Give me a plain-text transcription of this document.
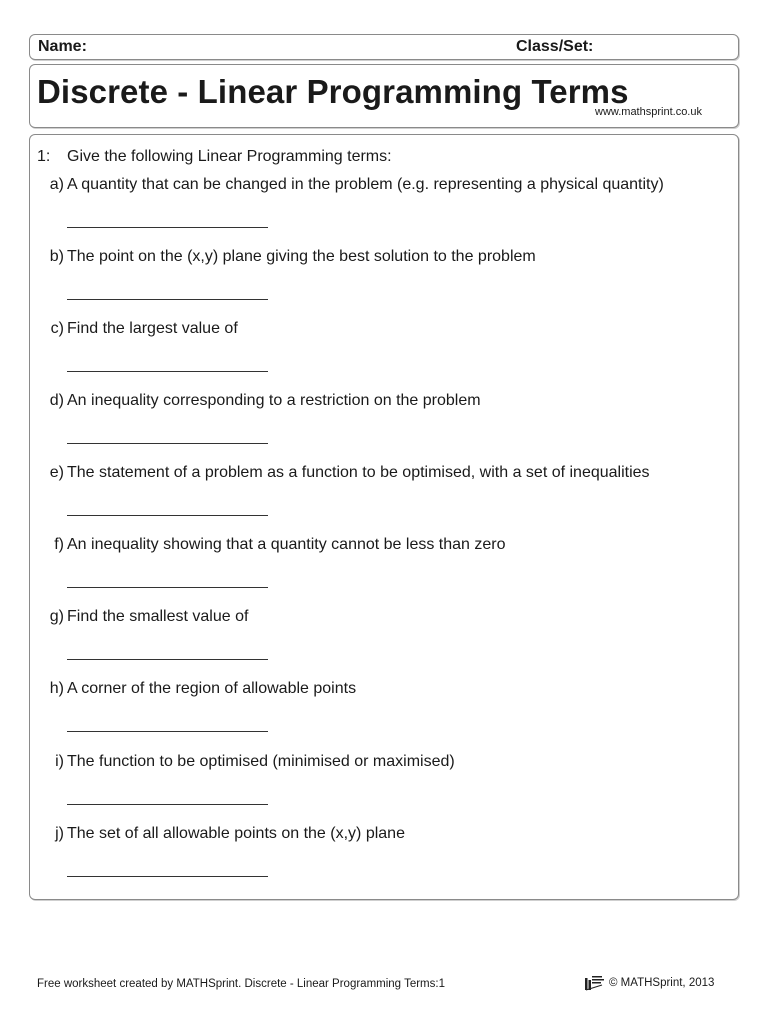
Name:	Class/Set:
Discrete - Linear Programming Terms
www.mathsprint.co.uk
1: Give the following Linear Programming terms:
a) A quantity that can be changed in the problem (e.g. representing a physical quantity)
b) The point on the (x,y) plane giving the best solution to the problem
c) Find the largest value of
d) An inequality corresponding to a restriction on the problem
e) The statement of a problem as a function to be optimised, with a set of inequalities
f) An inequality showing that a quantity cannot be less than zero
g) Find the smallest value of
h) A corner of the region of allowable points
i) The function to be optimised (minimised or maximised)
j) The set of all allowable points on the (x,y) plane
Free worksheet created by MATHSprint. Discrete - Linear Programming Terms:1	© MATHSprint, 2013
